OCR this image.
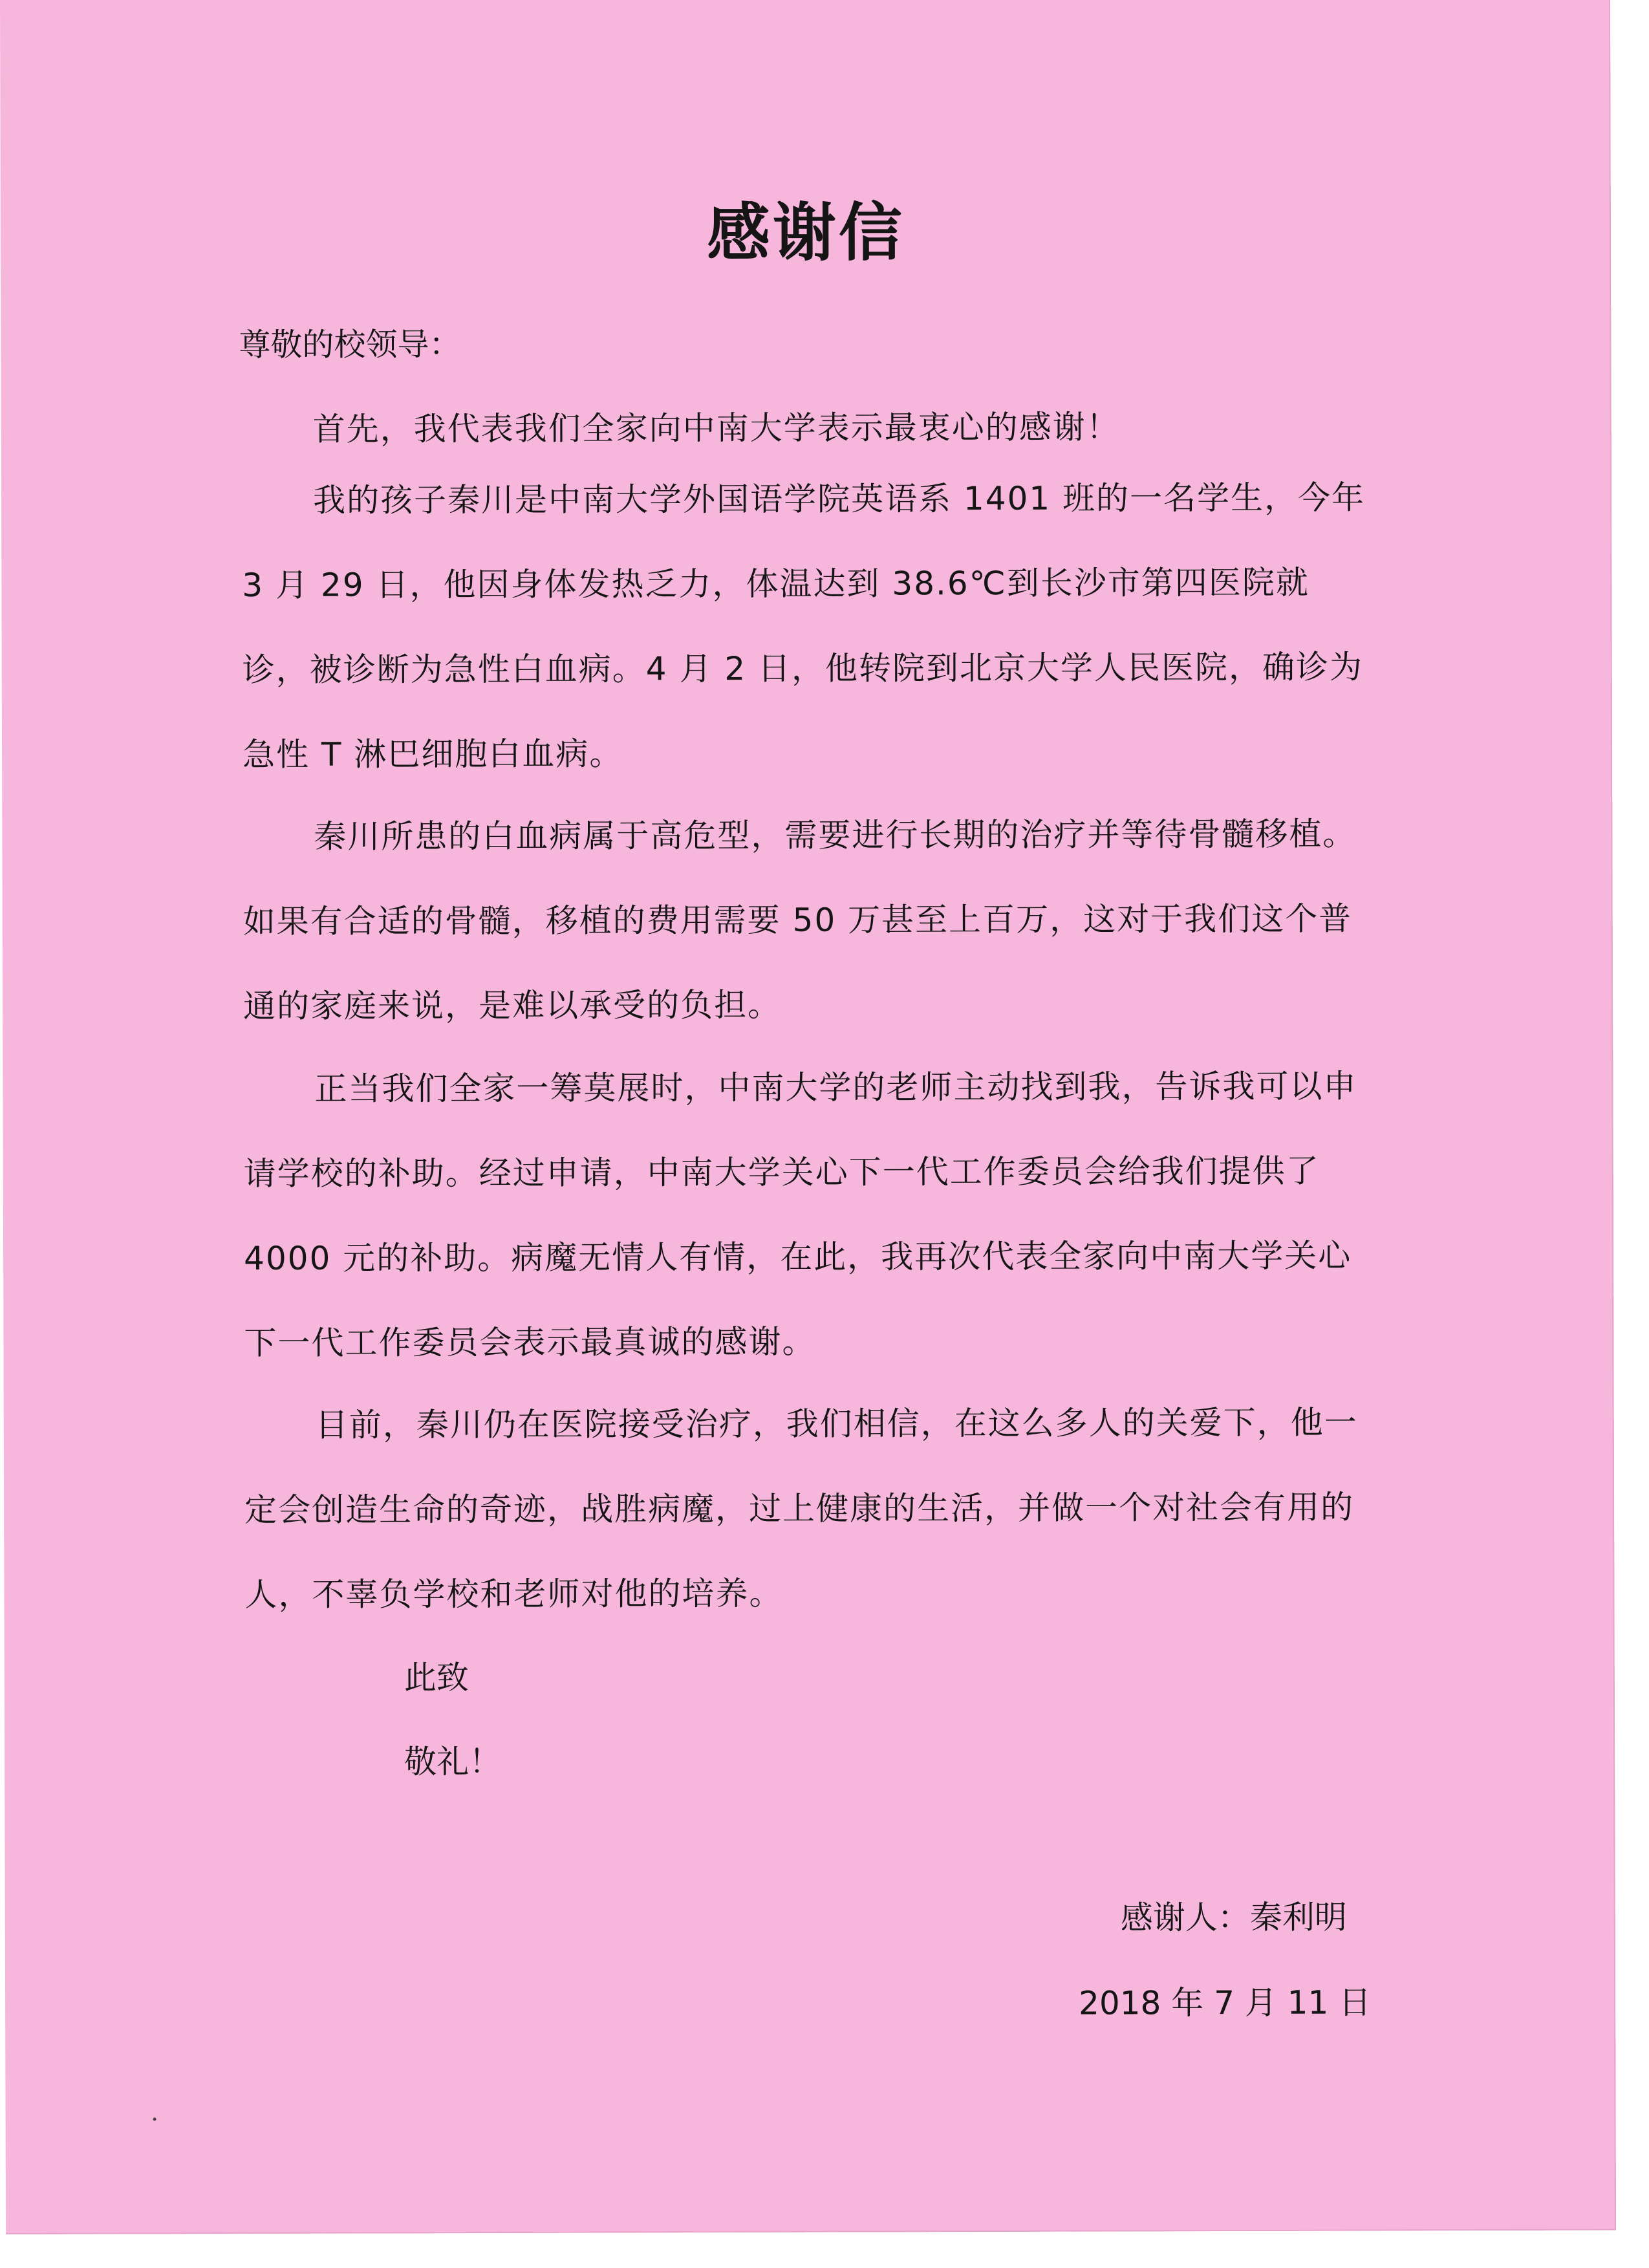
感谢信

尊敬的校领导：

首先，我代表我们全家向中南大学表示最衷心的感谢！

我的孩子秦川是中南大学外国语学院英语系 1401 班的一名学生，今年 3 月 29 日，他因身体发热乏力，体温达到 38.6℃到长沙市第四医院就诊，被诊断为急性白血病。4 月 2 日，他转院到北京大学人民医院，确诊为急性 T 淋巴细胞白血病。

秦川所患的白血病属于高危型，需要进行长期的治疗并等待骨髓移植。如果有合适的骨髓，移植的费用需要 50 万甚至上百万，这对于我们这个普通的家庭来说，是难以承受的负担。

正当我们全家一筹莫展时，中南大学的老师主动找到我，告诉我可以申请学校的补助。经过申请，中南大学关心下一代工作委员会给我们提供了 4000 元的补助。病魔无情人有情，在此，我再次代表全家向中南大学关心下一代工作委员会表示最真诚的感谢。

目前，秦川仍在医院接受治疗，我们相信，在这么多人的关爱下，他一定会创造生命的奇迹，战胜病魔，过上健康的生活，并做一个对社会有用的人，不辜负学校和老师对他的培养。

此致

敬礼！

感谢人：秦利明

2018 年 7 月 11 日
